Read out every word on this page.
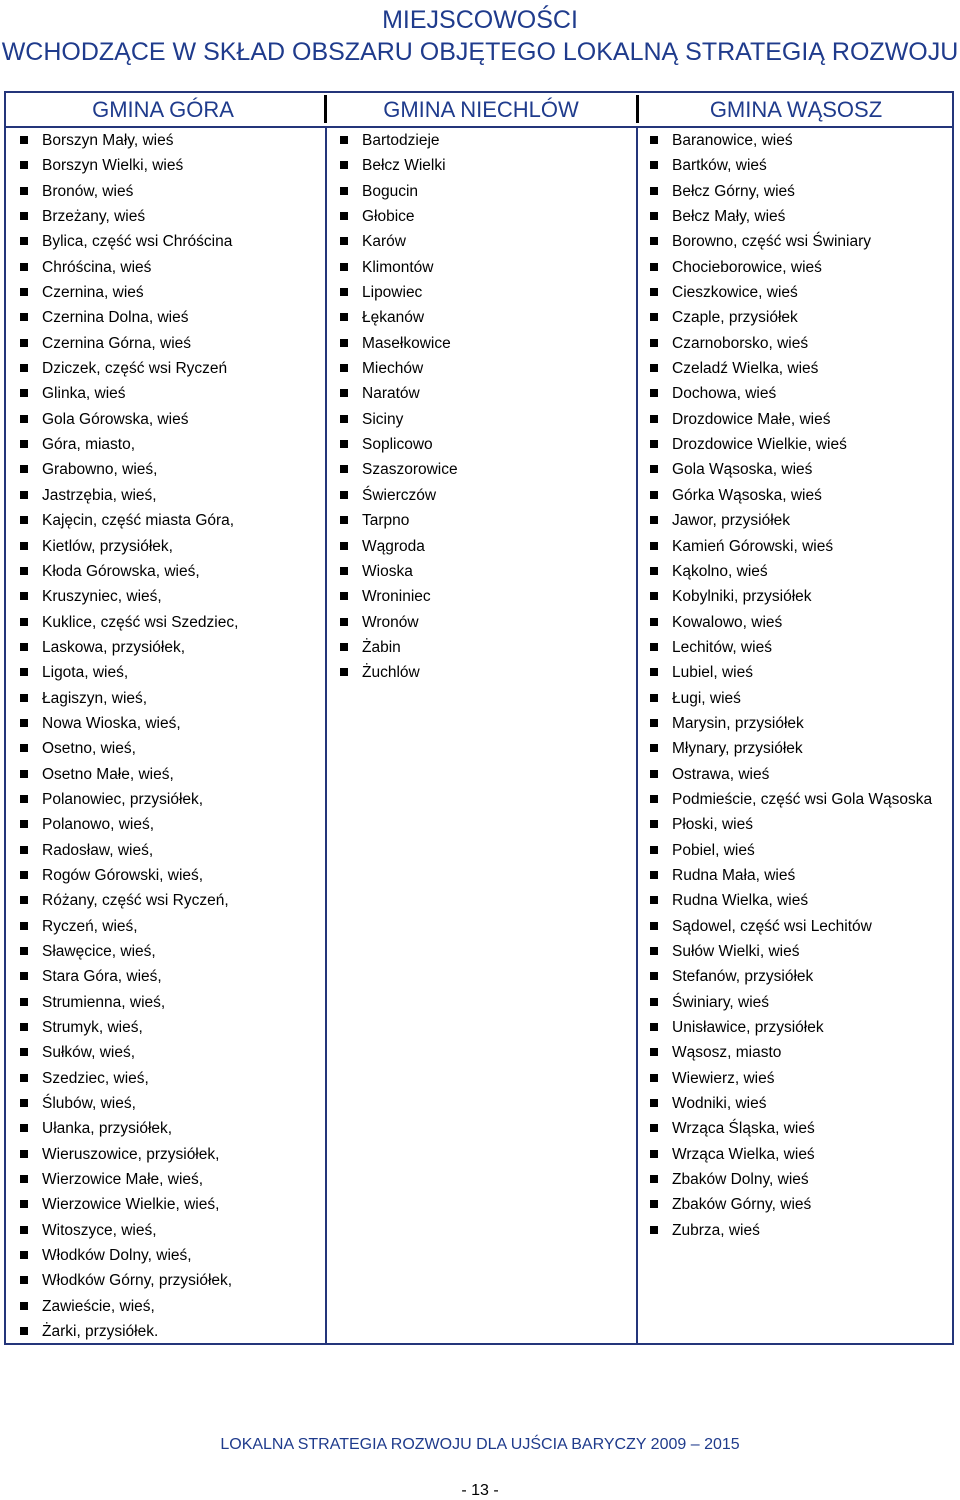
MIEJSCOWOŚCI
WCHODZĄCE W SKŁAD OBSZARU OBJĘTEGO LOKALNĄ STRATEGIĄ ROZWOJU
GMINA GÓRA	GMINA NIECHLÓW	GMINA WĄSOSZ
Borszyn Mały, wieś
Borszyn Wielki, wieś
Bronów, wieś
Brzeżany, wieś
Bylica, część wsi Chróścina
Chróścina, wieś
Czernina, wieś
Czernina Dolna, wieś
Czernina Górna, wieś
Dziczek, część wsi Ryczeń
Glinka, wieś
Gola Górowska, wieś
Góra, miasto,
Grabowno, wieś,
Jastrzębia, wieś,
Kajęcin, część miasta Góra,
Kietlów, przysiółek,
Kłoda Górowska, wieś,
Kruszyniec, wieś,
Kuklice, część wsi Szedziec,
Laskowa, przysiółek,
Ligota, wieś,
Łagiszyn, wieś,
Nowa Wioska, wieś,
Osetno, wieś,
Osetno Małe, wieś,
Polanowiec, przysiółek,
Polanowo, wieś,
Radosław, wieś,
Rogów Górowski, wieś,
Różany, część wsi Ryczeń,
Ryczeń, wieś,
Sławęcice, wieś,
Stara Góra, wieś,
Strumienna, wieś,
Strumyk, wieś,
Sułków, wieś,
Szedziec, wieś,
Ślubów, wieś,
Ułanka, przysiółek,
Wieruszowice, przysiółek,
Wierzowice Małe, wieś,
Wierzowice Wielkie, wieś,
Witoszyce, wieś,
Włodków Dolny, wieś,
Włodków Górny, przysiółek,
Zawieście, wieś,
Żarki, przysiółek.
Bartodzieje
Bełcz Wielki
Bogucin
Głobice
Karów
Klimontów
Lipowiec
Łękanów
Masełkowice
Miechów
Naratów
Siciny
Soplicowo
Szaszorowice
Świerczów
Tarpno
Wągroda
Wioska
Wroniniec
Wronów
Żabin
Żuchlów
Baranowice, wieś
Bartków, wieś
Bełcz Górny, wieś
Bełcz Mały, wieś
Borowno, część wsi Świniary
Chocieborowice, wieś
Cieszkowice, wieś
Czaple, przysiółek
Czarnoborsko, wieś
Czeladź Wielka, wieś
Dochowa, wieś
Drozdowice Małe, wieś
Drozdowice Wielkie, wieś
Gola Wąsoska, wieś
Górka Wąsoska, wieś
Jawor, przysiółek
Kamień Górowski, wieś
Kąkolno, wieś
Kobylniki, przysiółek
Kowalowo, wieś
Lechitów, wieś
Lubiel, wieś
Ługi, wieś
Marysin, przysiółek
Młynary, przysiółek
Ostrawa, wieś
Podmieście, część wsi Gola Wąsoska
Płoski, wieś
Pobiel, wieś
Rudna Mała, wieś
Rudna Wielka, wieś
Sądowel, część wsi Lechitów
Sułów Wielki, wieś
Stefanów, przysiółek
Świniary, wieś
Unisławice, przysiółek
Wąsosz, miasto
Wiewierz, wieś
Wodniki, wieś
Wrząca Śląska, wieś
Wrząca Wielka, wieś
Zbaków Dolny, wieś
Zbaków Górny, wieś
Zubrza, wieś
LOKALNA STRATEGIA ROZWOJU DLA UJŚCIA BARYCZY 2009 – 2015
- 13 -
